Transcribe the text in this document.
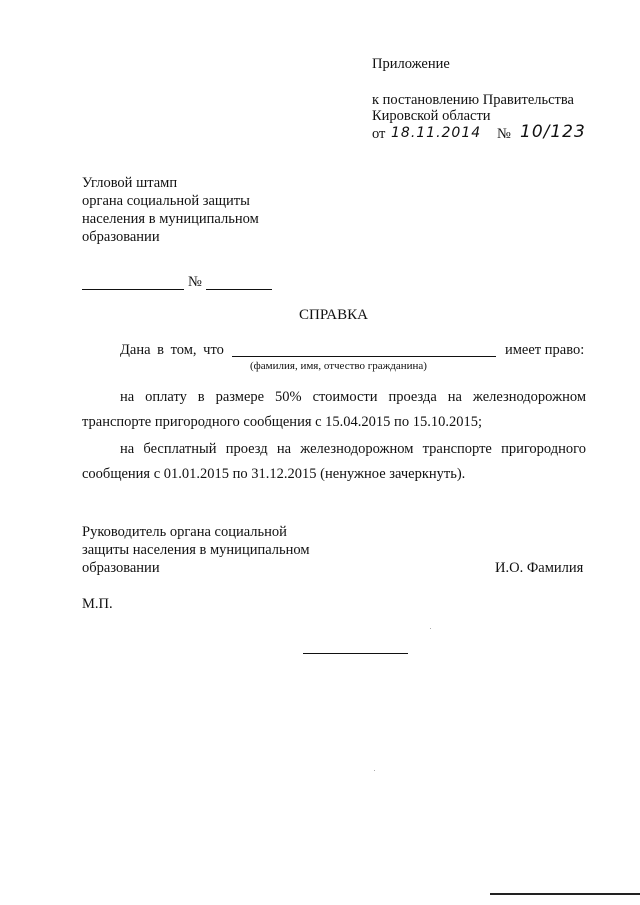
Приложение
к постановлению Правительства
Кировской области
от 18.11.2014 № 10/123
Угловой штамп
органа социальной защиты
населения в муниципальном
образовании
№
СПРАВКА
Дана в том, что	имеет право:
(фамилия, имя, отчество гражданина)
на оплату в размере 50% стоимости проезда на железнодорожном
транспорте пригородного сообщения с 15.04.2015 по 15.10.2015;
на бесплатный проезд на железнодорожном транспорте пригородного
сообщения с 01.01.2015 по 31.12.2015 (ненужное зачеркнуть).
Руководитель органа социальной
защиты населения в муниципальном
образовании	И.О. Фамилия
М.П.
